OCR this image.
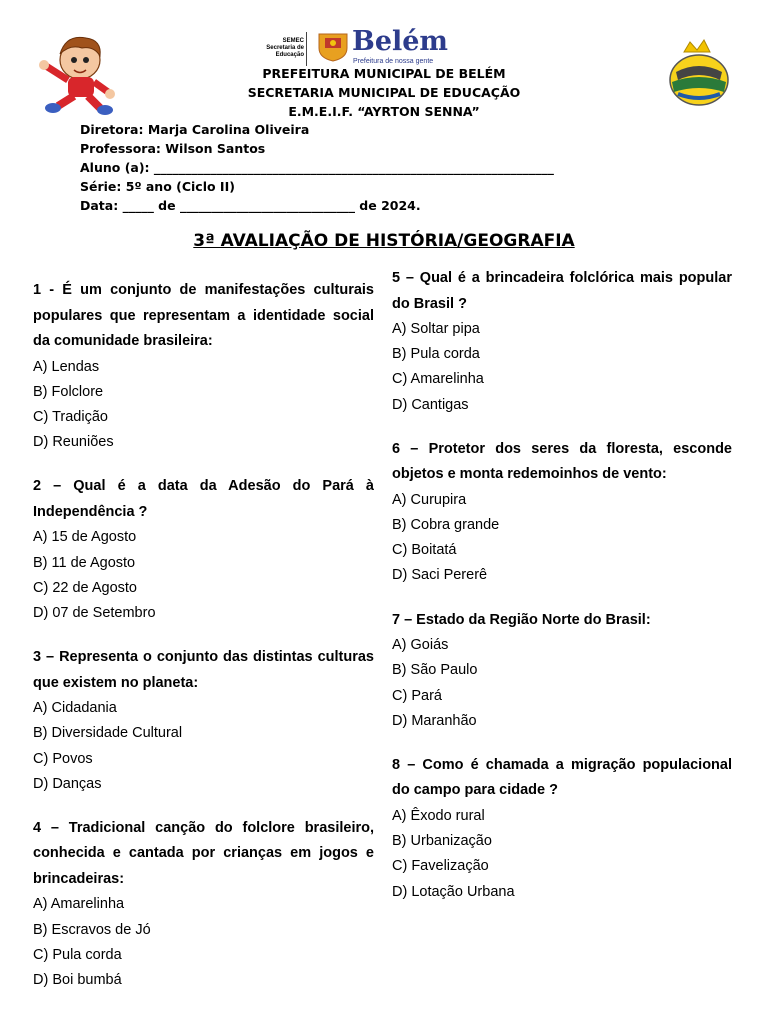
SEMEC
Secretaria de
Educação Belém
Prefeitura de nossa gente
PREFEITURA MUNICIPAL DE BELÉM
SECRETARIA MUNICIPAL DE EDUCAÇÃO
E.M.E.I.F. “AYRTON SENNA”
Diretora: Marja Carolina Oliveira
Professora: Wilson Santos
Aluno (a): ________________________________________________________________
Série: 5º ano (Ciclo II)
Data: _____ de ____________________________ de 2024.
3ª AVALIAÇÃO DE HISTÓRIA/GEOGRAFIA
1 - É um conjunto de manifestações culturais populares que representam a identidade social da comunidade brasileira:
A) Lendas
B) Folclore
C) Tradição
D) Reuniões
2 – Qual é a data da Adesão do Pará à Independência ?
A) 15 de Agosto
B) 11 de Agosto
C) 22 de Agosto
D) 07 de Setembro
3 – Representa o conjunto das distintas culturas que existem no planeta:
A) Cidadania
B) Diversidade Cultural
C) Povos
D) Danças
4 – Tradicional canção do folclore brasileiro, conhecida e cantada por crianças em jogos e brincadeiras:
A) Amarelinha
B) Escravos de Jó
C) Pula corda
D) Boi bumbá
5 – Qual é a brincadeira folclórica mais popular do Brasil ?
A) Soltar pipa
B) Pula corda
C) Amarelinha
D) Cantigas
6 – Protetor dos seres da floresta, esconde objetos e monta redemoinhos de vento:
A) Curupira
B) Cobra grande
C) Boitatá
D) Saci Pererê
7 – Estado da Região Norte do Brasil:
A) Goiás
B) São Paulo
C) Pará
D) Maranhão
8 – Como é chamada a migração populacional do campo para cidade ?
A) Êxodo rural
B) Urbanização
C) Favelização
D) Lotação Urbana
